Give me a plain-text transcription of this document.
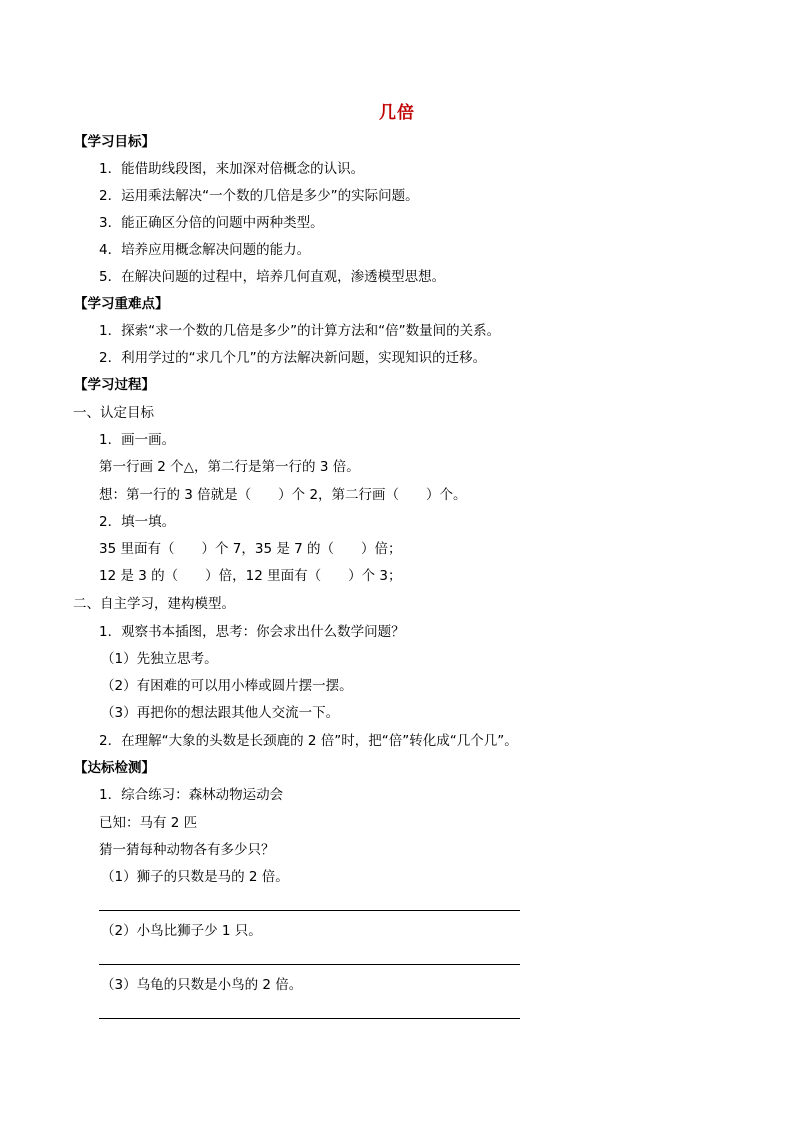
几倍
【学习目标】
1．能借助线段图，来加深对倍概念的认识。
2．运用乘法解决“一个数的几倍是多少”的实际问题。
3．能正确区分倍的问题中两种类型。
4．培养应用概念解决问题的能力。
5．在解决问题的过程中，培养几何直观，渗透模型思想。
【学习重难点】
1．探索“求一个数的几倍是多少”的计算方法和“倍”数量间的关系。
2．利用学过的“求几个几”的方法解决新问题，实现知识的迁移。
【学习过程】
一、认定目标
1．画一画。
第一行画 2 个△，第二行是第一行的 3 倍。
想：第一行的 3 倍就是（　　）个 2，第二行画（　　）个。
2．填一填。
35 里面有（　　）个 7，35 是 7 的（　　）倍；
12 是 3 的（　　）倍，12 里面有（　　）个 3；
二、自主学习，建构模型。
1．观察书本插图，思考：你会求出什么数学问题？
（1）先独立思考。
（2）有困难的可以用小棒或圆片摆一摆。
（3）再把你的想法跟其他人交流一下。
2．在理解“大象的头数是长颈鹿的 2 倍”时，把“倍”转化成“几个几”。
【达标检测】
1．综合练习：森林动物运动会
已知：马有 2 匹
猜一猜每种动物各有多少只？
（1）狮子的只数是马的 2 倍。
（2）小鸟比狮子少 1 只。
（3）乌龟的只数是小鸟的 2 倍。
